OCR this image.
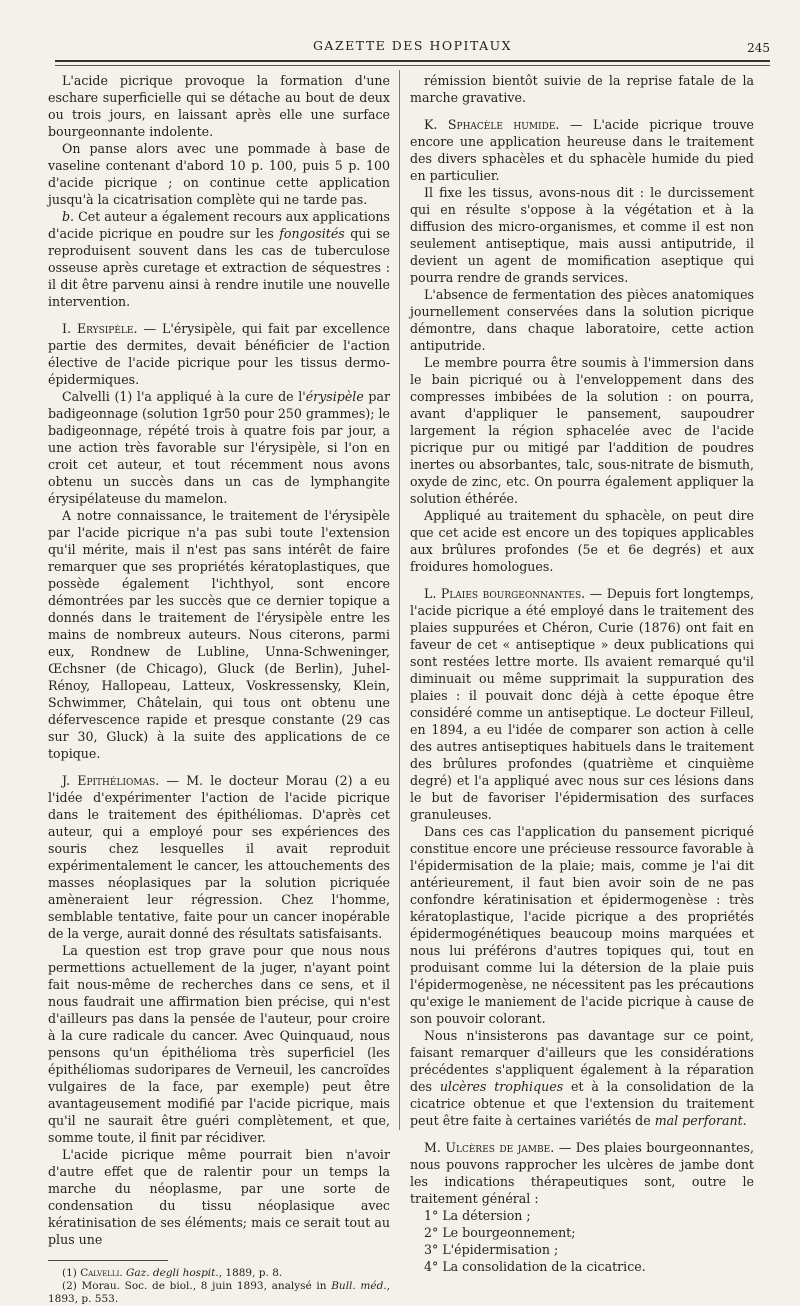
GAZETTE DES HOPITAUX	245

L'acide picrique provoque la formation d'une eschare superficielle qui se détache au bout de deux ou trois jours, en laissant après elle une surface bourgeonnante indolente.

On panse alors avec une pommade à base de vaseline contenant d'abord 10 p. 100, puis 5 p. 100 d'acide picrique ; on continue cette application jusqu'à la cicatrisation complète qui ne tarde pas.

b. Cet auteur a également recours aux applications d'acide picrique en poudre sur les fongosités qui se reproduisent souvent dans les cas de tuberculose osseuse après curetage et extraction de séquestres : il dit être parvenu ainsi à rendre inutile une nouvelle intervention.

I. Erysipèle. — L'érysipèle, qui fait par excellence partie des dermites, devait bénéficier de l'action élective de l'acide picrique pour les tissus dermo-épidermiques.

Calvelli (1) l'a appliqué à la cure de l'érysipèle par badigeonnage (solution 1gr50 pour 250 grammes); le badigeonnage, répété trois à quatre fois par jour, a une action très favorable sur l'érysipèle, si l'on en croit cet auteur, et tout récemment nous avons obtenu un succès dans un cas de lymphangite érysipélateuse du mamelon.

A notre connaissance, le traitement de l'érysipèle par l'acide picrique n'a pas subi toute l'extension qu'il mérite, mais il n'est pas sans intérêt de faire remarquer que ses propriétés kératoplastiques, que possède également l'ichthyol, sont encore démontrées par les succès que ce dernier topique a donnés dans le traitement de l'érysipèle entre les mains de nombreux auteurs. Nous citerons, parmi eux, Rondnew de Lubline, Unna-Schweninger, Œchsner (de Chicago), Gluck (de Berlin), Juhel-Rénoy, Hallopeau, Latteux, Voskressensky, Klein, Schwimmer, Châtelain, qui tous ont obtenu une défervescence rapide et presque constante (29 cas sur 30, Gluck) à la suite des applications de ce topique.

J. Epithéliomas. — M. le docteur Morau (2) a eu l'idée d'expérimenter l'action de l'acide picrique dans le traitement des épithéliomas. D'après cet auteur, qui a employé pour ses expériences des souris chez lesquelles il avait reproduit expérimentalement le cancer, les attouchements des masses néoplasiques par la solution picriquée amèneraient leur régression. Chez l'homme, semblable tentative, faite pour un cancer inopérable de la verge, aurait donné des résultats satisfaisants.

La question est trop grave pour que nous nous permettions actuellement de la juger, n'ayant point fait nous-même de recherches dans ce sens, et il nous faudrait une affirmation bien précise, qui n'est d'ailleurs pas dans la pensée de l'auteur, pour croire à la cure radicale du cancer. Avec Quinquaud, nous pensons qu'un épithélioma très superficiel (les épithéliomas sudoripares de Verneuil, les cancroïdes vulgaires de la face, par exemple) peut être avantageusement modifié par l'acide picrique, mais qu'il ne saurait être guéri complètement, et que, somme toute, il finit par récidiver.

L'acide picrique même pourrait bien n'avoir d'autre effet que de ralentir pour un temps la marche du néoplasme, par une sorte de condensation du tissu néoplasique avec kératinisation de ses éléments; mais ce serait tout au plus une

(1) Calvelli. Gaz. degli hospit., 1889, p. 8.

(2) Morau. Soc. de biol., 8 juin 1893, analysé in Bull. méd., 1893, p. 553.

rémission bientôt suivie de la reprise fatale de la marche gravative.

K. Sphacèle humide. — L'acide picrique trouve encore une application heureuse dans le traitement des divers sphacèles et du sphacèle humide du pied en particulier.

Il fixe les tissus, avons-nous dit : le durcissement qui en résulte s'oppose à la végétation et à la diffusion des micro-organismes, et comme il est non seulement antiseptique, mais aussi antiputride, il devient un agent de momification aseptique qui pourra rendre de grands services.

L'absence de fermentation des pièces anatomiques journellement conservées dans la solution picrique démontre, dans chaque laboratoire, cette action antiputride.

Le membre pourra être soumis à l'immersion dans le bain picriqué ou à l'enveloppement dans des compresses imbibées de la solution : on pourra, avant d'appliquer le pansement, saupoudrer largement la région sphacelée avec de l'acide picrique pur ou mitigé par l'addition de poudres inertes ou absorbantes, talc, sous-nitrate de bismuth, oxyde de zinc, etc. On pourra également appliquer la solution éthérée.

Appliqué au traitement du sphacèle, on peut dire que cet acide est encore un des topiques applicables aux brûlures profondes (5e et 6e degrés) et aux froidures homologues.

L. Plaies bourgeonnantes. — Depuis fort longtemps, l'acide picrique a été employé dans le traitement des plaies suppurées et Chéron, Curie (1876) ont fait en faveur de cet « antiseptique » deux publications qui sont restées lettre morte. Ils avaient remarqué qu'il diminuait ou même supprimait la suppuration des plaies : il pouvait donc déjà à cette époque être considéré comme un antiseptique. Le docteur Filleul, en 1894, a eu l'idée de comparer son action à celle des autres antiseptiques habituels dans le traitement des brûlures profondes (quatrième et cinquième degré) et l'a appliqué avec nous sur ces lésions dans le but de favoriser l'épidermisation des surfaces granuleuses.

Dans ces cas l'application du pansement picriqué constitue encore une précieuse ressource favorable à l'épidermisation de la plaie; mais, comme je l'ai dit antérieurement, il faut bien avoir soin de ne pas confondre kératinisation et épidermogenèse : très kératoplastique, l'acide picrique a des propriétés épidermogénétiques beaucoup moins marquées et nous lui préférons d'autres topiques qui, tout en produisant comme lui la détersion de la plaie puis l'épidermogenèse, ne nécessitent pas les précautions qu'exige le maniement de l'acide picrique à cause de son pouvoir colorant.

Nous n'insisterons pas davantage sur ce point, faisant remarquer d'ailleurs que les considérations précédentes s'appliquent également à la réparation des ulcères trophiques et à la consolidation de la cicatrice obtenue et que l'extension du traitement peut être faite à certaines variétés de mal perforant.

M. Ulcères de jambe. — Des plaies bourgeonnantes, nous pouvons rapprocher les ulcères de jambe dont les indications thérapeutiques sont, outre le traitement général :

1° La détersion ;

2° Le bourgeonnement;

3° L'épidermisation ;

4° La consolidation de la cicatrice.
